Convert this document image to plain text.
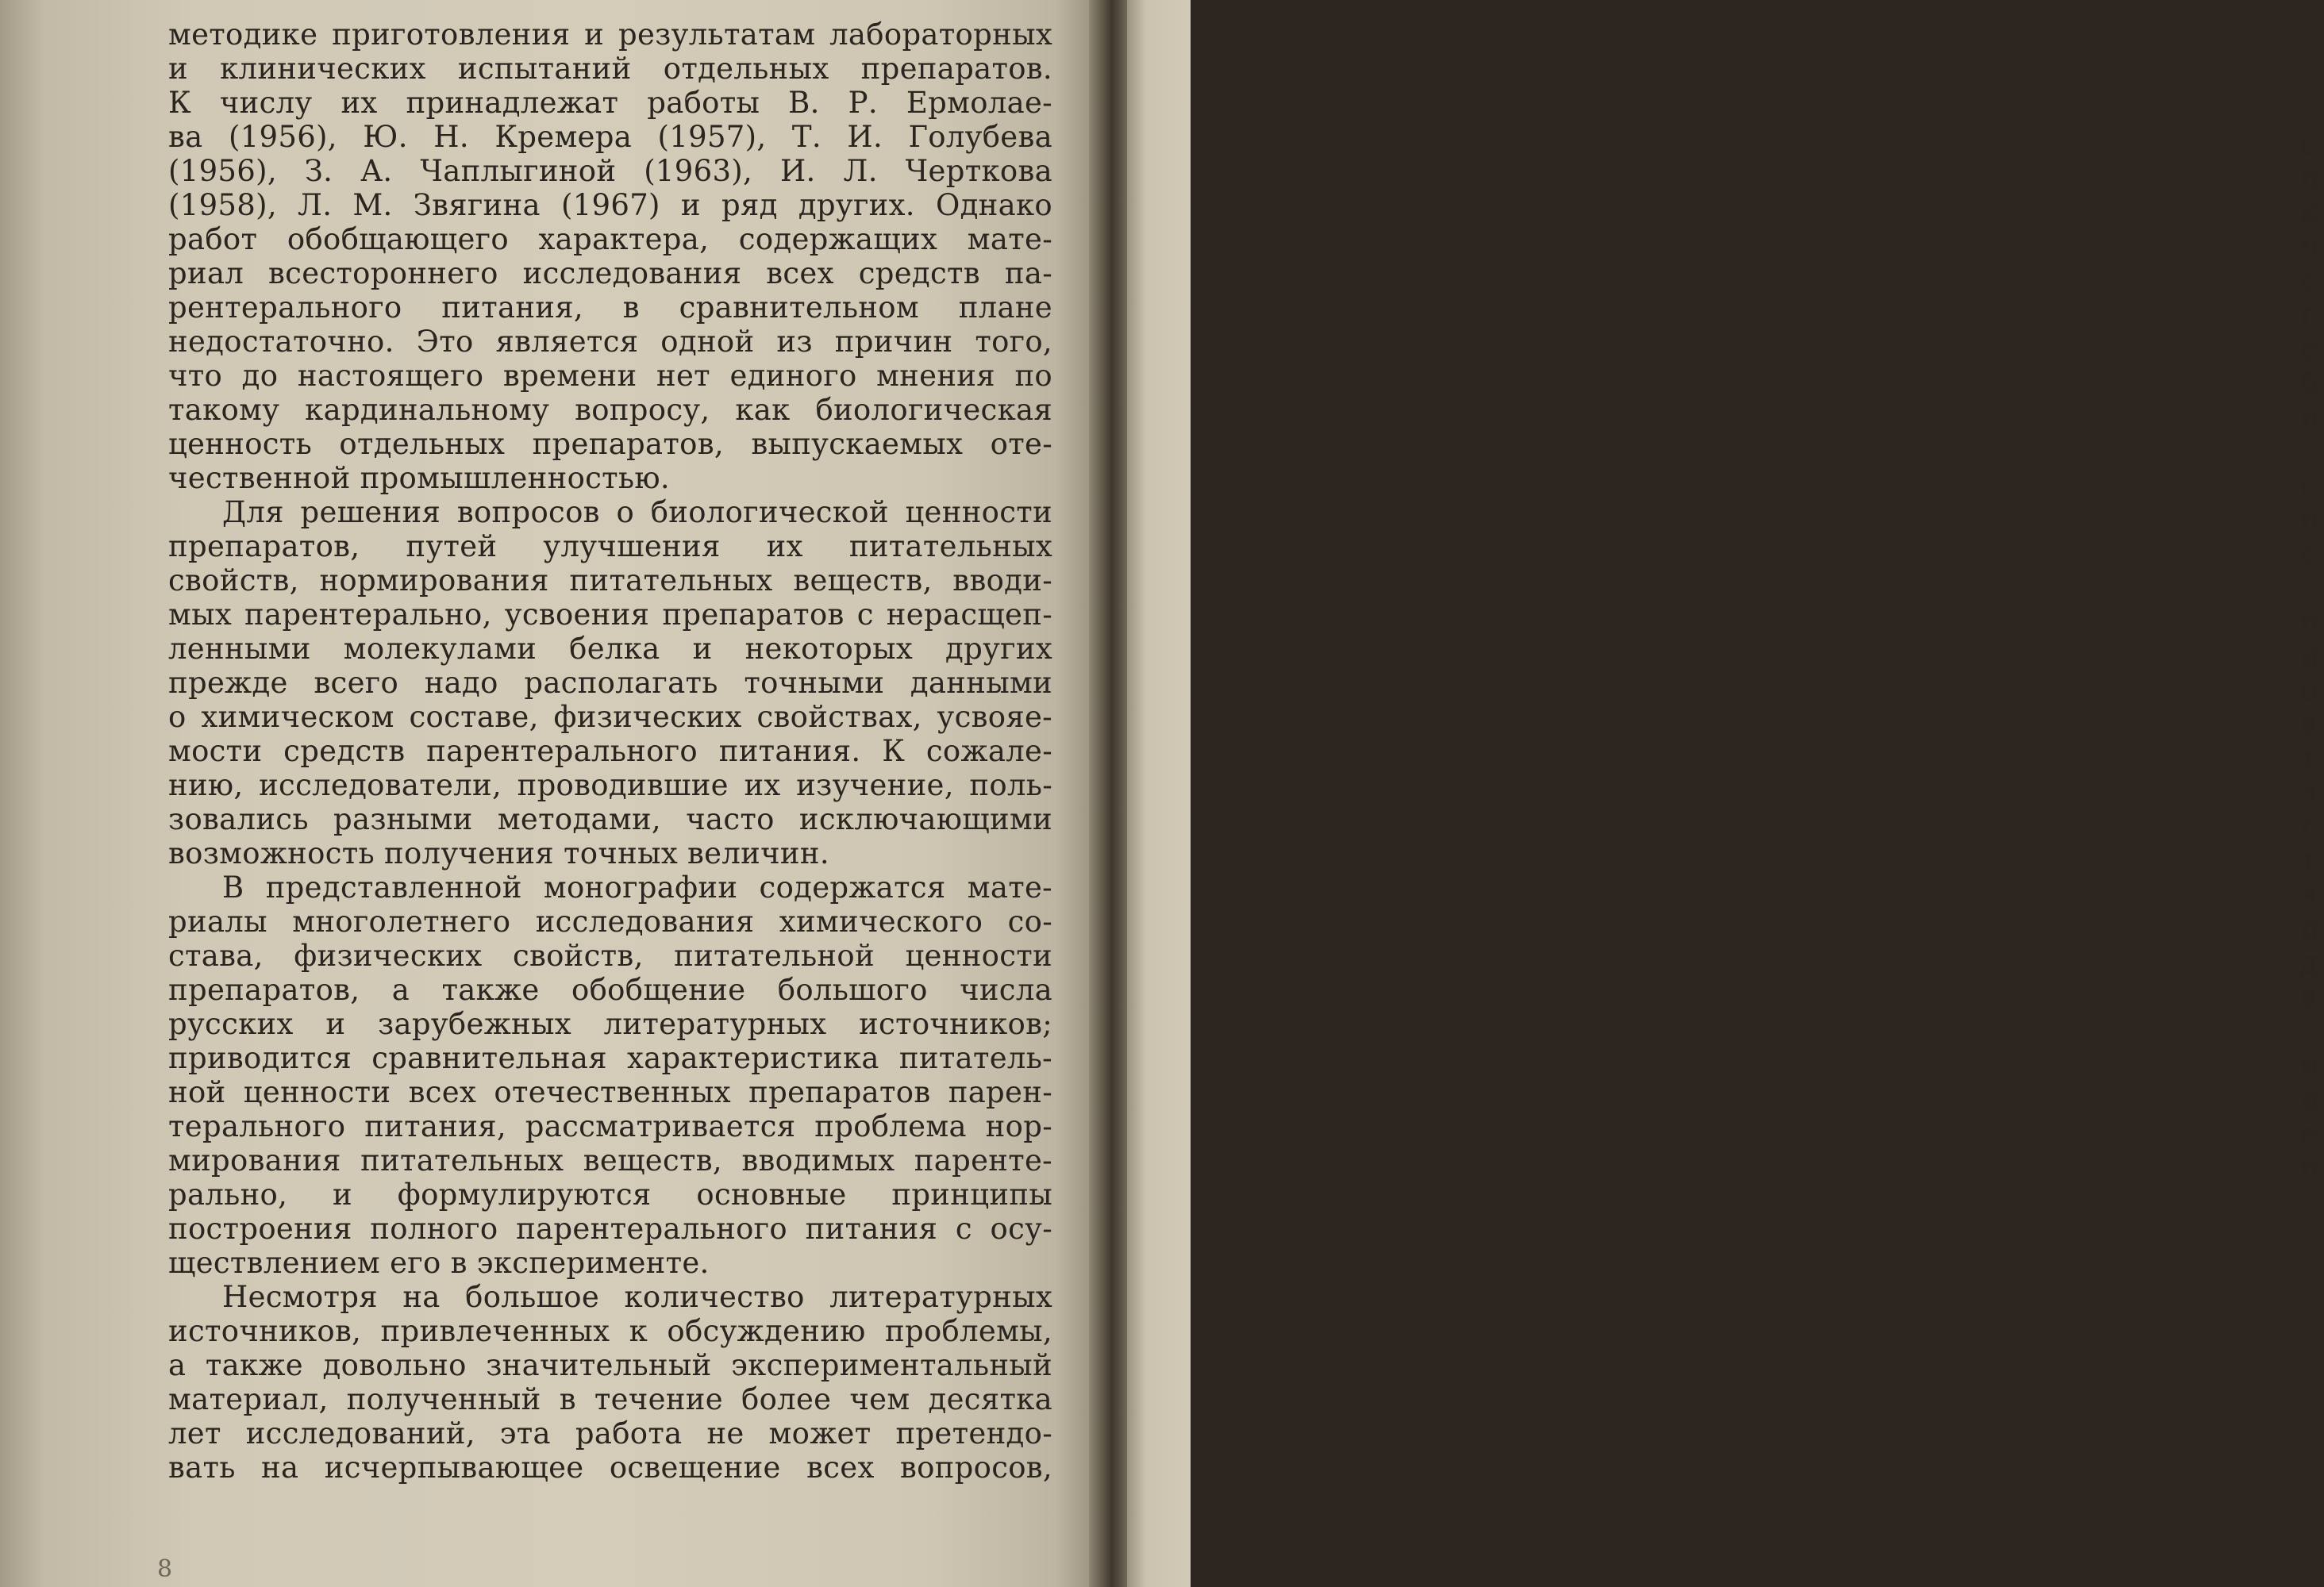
методике приготовления и результатам лабораторных
и клинических испытаний отдельных препаратов.
К числу их принадлежат работы В. Р. Ермолае-
ва (1956), Ю. Н. Кремера (1957), Т. И. Голубева
(1956), З. А. Чаплыгиной (1963), И. Л. Черткова
(1958), Л. М. Звягина (1967) и ряд других. Однако
работ обобщающего характера, содержащих мате-
риал всестороннего исследования всех средств па-
рентерального питания, в сравнительном плане
недостаточно. Это является одной из причин того,
что до настоящего времени нет единого мнения по
такому кардинальному вопросу, как биологическая
ценность отдельных препаратов, выпускаемых оте-
чественной промышленностью.
Для решения вопросов о биологической ценности
препаратов, путей улучшения их питательных
свойств, нормирования питательных веществ, вводи-
мых парентерально, усвоения препаратов с нерасщеп-
ленными молекулами белка и некоторых других
прежде всего надо располагать точными данными
о химическом составе, физических свойствах, усвояе-
мости средств парентерального питания. К сожале-
нию, исследователи, проводившие их изучение, поль-
зовались разными методами, часто исключающими
возможность получения точных величин.
В представленной монографии содержатся мате-
риалы многолетнего исследования химического со-
става, физических свойств, питательной ценности
препаратов, а также обобщение большого числа
русских и зарубежных литературных источников;
приводится сравнительная характеристика питатель-
ной ценности всех отечественных препаратов парен-
терального питания, рассматривается проблема нор-
мирования питательных веществ, вводимых паренте-
рально, и формулируются основные принципы
построения полного парентерального питания с осу-
ществлением его в эксперименте.
Несмотря на большое количество литературных
источников, привлеченных к обсуждению проблемы,
а также довольно значительный экспериментальный
материал, полученный в течение более чем десятка
лет исследований, эта работа не может претендо-
вать на исчерпывающее освещение всех вопросов,
8
с
п
к
ч
с
г
с
б
н
с
п
с
п
и
о
в
т
з
г
т
з
п
д
в
н
и
е
п
